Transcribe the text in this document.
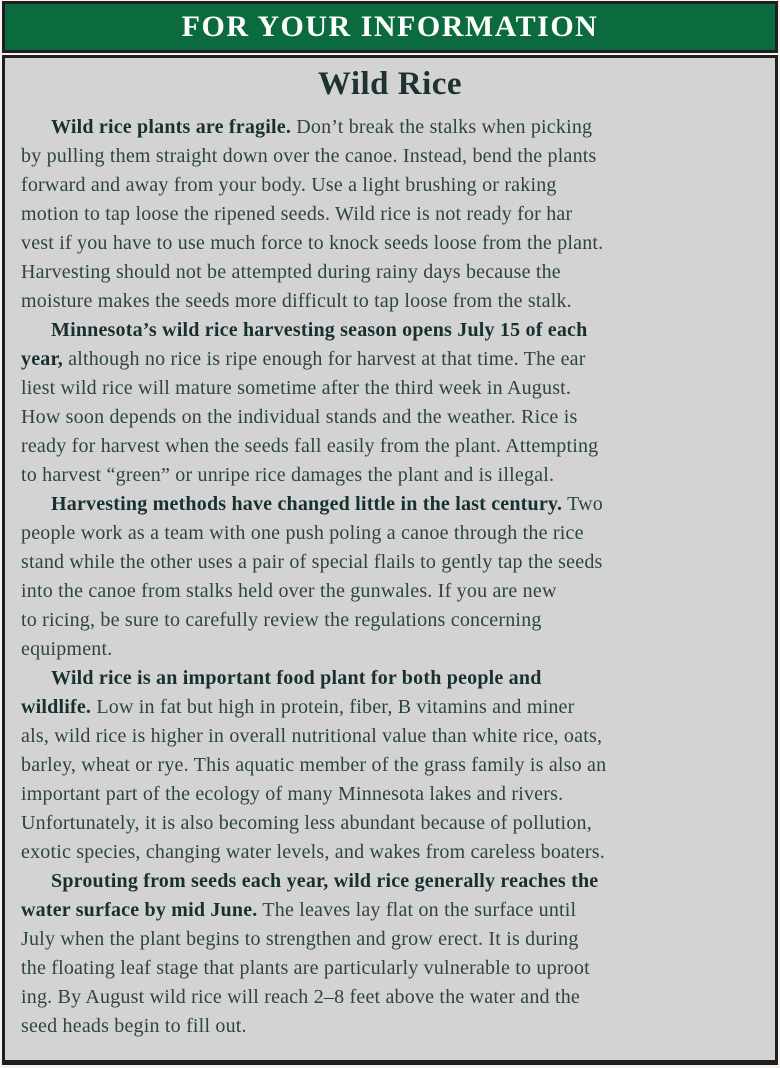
FOR YOUR INFORMATION
Wild Rice
Wild rice plants are fragile. Don’t break the stalks when picking
by pulling them straight down over the canoe. Instead, bend the plants
forward and away from your body. Use a light brushing or raking
motion to tap loose the ripened seeds. Wild rice is not ready for har
vest if you have to use much force to knock seeds loose from the plant.
Harvesting should not be attempted during rainy days because the
moisture makes the seeds more difficult to tap loose from the stalk.
Minnesota’s wild rice harvesting season opens July 15 of each
year, although no rice is ripe enough for harvest at that time. The ear
liest wild rice will mature sometime after the third week in August.
How soon depends on the individual stands and the weather. Rice is
ready for harvest when the seeds fall easily from the plant. Attempting
to harvest “green” or unripe rice damages the plant and is illegal.
Harvesting methods have changed little in the last century. Two
people work as a team with one push poling a canoe through the rice
stand while the other uses a pair of special flails to gently tap the seeds
into the canoe from stalks held over the gunwales. If you are new
to ricing, be sure to carefully review the regulations concerning
equipment.
Wild rice is an important food plant for both people and
wildlife. Low in fat but high in protein, fiber, B vitamins and miner
als, wild rice is higher in overall nutritional value than white rice, oats,
barley, wheat or rye. This aquatic member of the grass family is also an
important part of the ecology of many Minnesota lakes and rivers.
Unfortunately, it is also becoming less abundant because of pollution,
exotic species, changing water levels, and wakes from careless boaters.
Sprouting from seeds each year, wild rice generally reaches the
water surface by mid June. The leaves lay flat on the surface until
July when the plant begins to strengthen and grow erect. It is during
the floating leaf stage that plants are particularly vulnerable to uproot
ing. By August wild rice will reach 2–8 feet above the water and the
seed heads begin to fill out.
